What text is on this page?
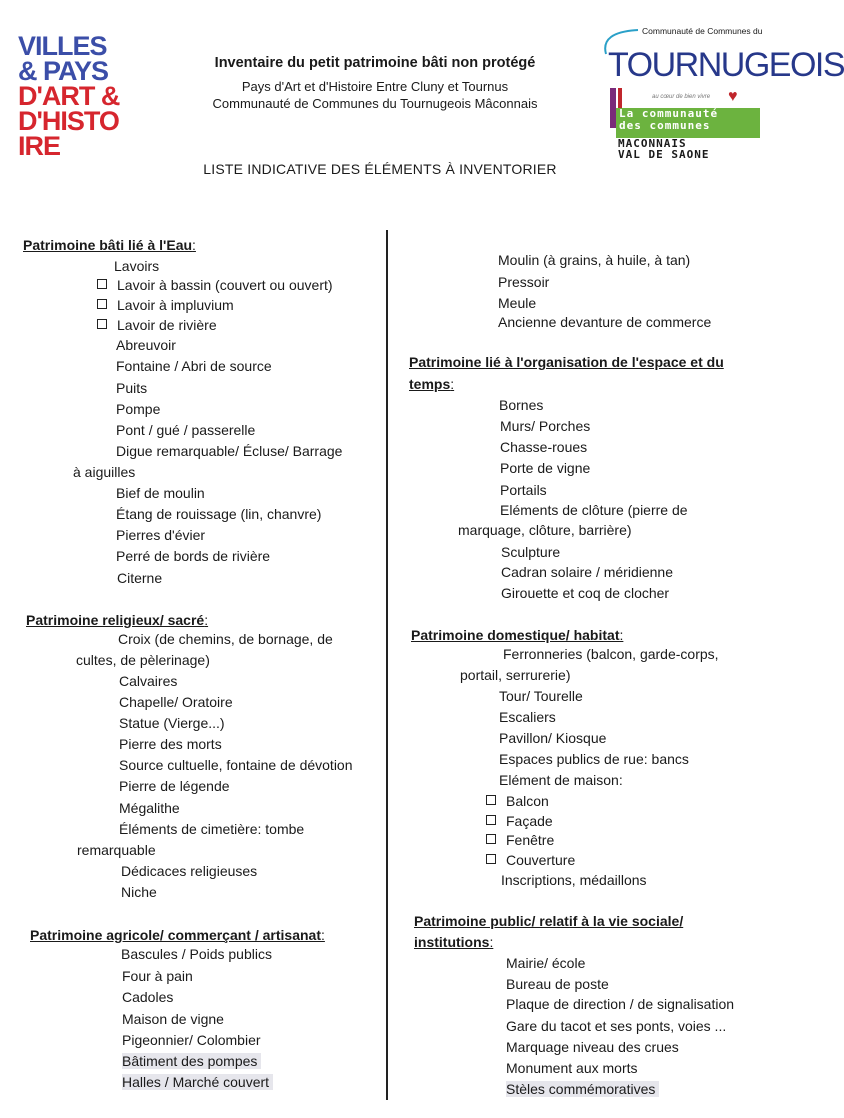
VILLES
& PAYS
D'ART &
D'HISTO
IRE
Inventaire du petit patrimoine bâti non protégé
Pays d'Art et d'Histoire Entre Cluny et Tournus
Communauté de Communes du Tournugeois Mâconnais
LISTE INDICATIVE DES ÉLÉMENTS À INVENTORIER
Communauté de Communes du
TOURNUGEOIS
au cœur de bien vivre ♥
La communauté
des communes
MACONNAIS
VAL DE SAONE
Patrimoine bâti lié à l'Eau:
Lavoirs
Lavoir à bassin (couvert ou ouvert)
Lavoir à impluvium
Lavoir de rivière
Abreuvoir
Fontaine / Abri de source
Puits
Pompe
Pont / gué / passerelle
Digue remarquable/ Écluse/ Barrage
à aiguilles
Bief de moulin
Étang de rouissage (lin, chanvre)
Pierres d'évier
Perré de bords de rivière
Citerne
Patrimoine religieux/ sacré:
Croix (de chemins, de bornage, de
cultes, de pèlerinage)
Calvaires
Chapelle/ Oratoire
Statue (Vierge...)
Pierre des morts
Source cultuelle, fontaine de dévotion
Pierre de légende
Mégalithe
Éléments de cimetière: tombe
remarquable
Dédicaces religieuses
Niche
Patrimoine agricole/ commerçant / artisanat:
Bascules / Poids publics
Four à pain
Cadoles
Maison de vigne
Pigeonnier/ Colombier
Bâtiment des pompes
Halles / Marché couvert
Moulin (à grains, à huile, à tan)
Pressoir
Meule
Ancienne devanture de commerce
Patrimoine lié à l'organisation de l'espace et du
temps:
Bornes
Murs/ Porches
Chasse-roues
Porte de vigne
Portails
Eléments de clôture (pierre de
marquage, clôture, barrière)
Sculpture
Cadran solaire / méridienne
Girouette et coq de clocher
Patrimoine domestique/ habitat:
Ferronneries (balcon, garde-corps,
portail, serrurerie)
Tour/ Tourelle
Escaliers
Pavillon/ Kiosque
Espaces publics de rue: bancs
Elément de maison:
Balcon
Façade
Fenêtre
Couverture
Inscriptions, médaillons
Patrimoine public/ relatif à la vie sociale/
institutions:
Mairie/ école
Bureau de poste
Plaque de direction / de signalisation
Gare du tacot et ses ponts, voies ...
Marquage niveau des crues
Monument aux morts
Stèles commémoratives
